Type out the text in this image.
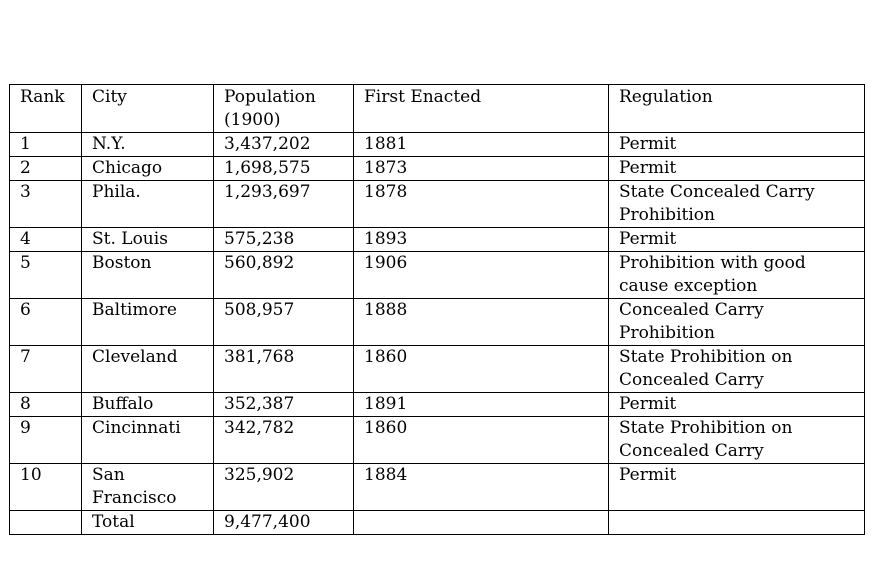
Rank	City	Population (1900)	First Enacted	Regulation
1	N.Y.	3,437,202	1881	Permit
2	Chicago	1,698,575	1873	Permit
3	Phila.	1,293,697	1878	State Concealed Carry Prohibition
4	St. Louis	575,238	1893	Permit
5	Boston	560,892	1906	Prohibition with good cause exception
6	Baltimore	508,957	1888	Concealed Carry Prohibition
7	Cleveland	381,768	1860	State Prohibition on Concealed Carry
8	Buffalo	352,387	1891	Permit
9	Cincinnati	342,782	1860	State Prohibition on Concealed Carry
10	San Francisco	325,902	1884	Permit
	Total	9,477,400		
